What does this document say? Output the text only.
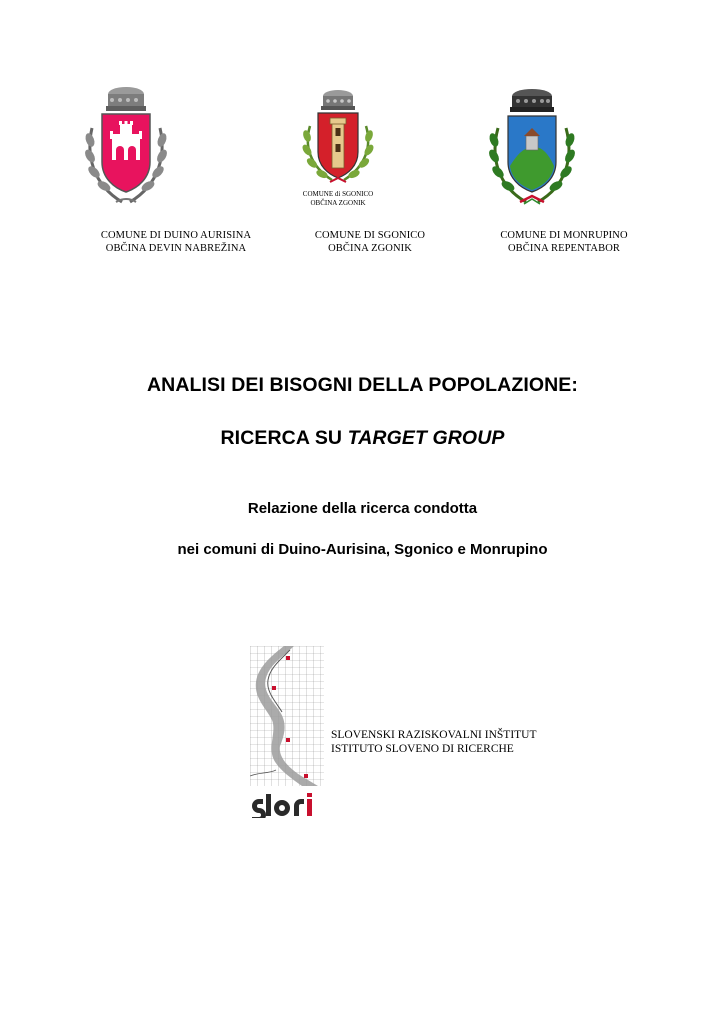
COMUNE di SGONICO
OBČINA ZGONIK
COMUNE DI DUINO AURISINA
OBČINA DEVIN NABREŽINA
COMUNE DI SGONICO
OBČINA ZGONIK
COMUNE DI MONRUPINO
OBČINA REPENTABOR
ANALISI DEI BISOGNI DELLA POPOLAZIONE:
RICERCA SU TARGET GROUP
Relazione della ricerca condotta
nei comuni di Duino-Aurisina, Sgonico e Monrupino
SLOVENSKI RAZISKOVALNI INŠTITUT
ISTITUTO SLOVENO DI RICERCHE
